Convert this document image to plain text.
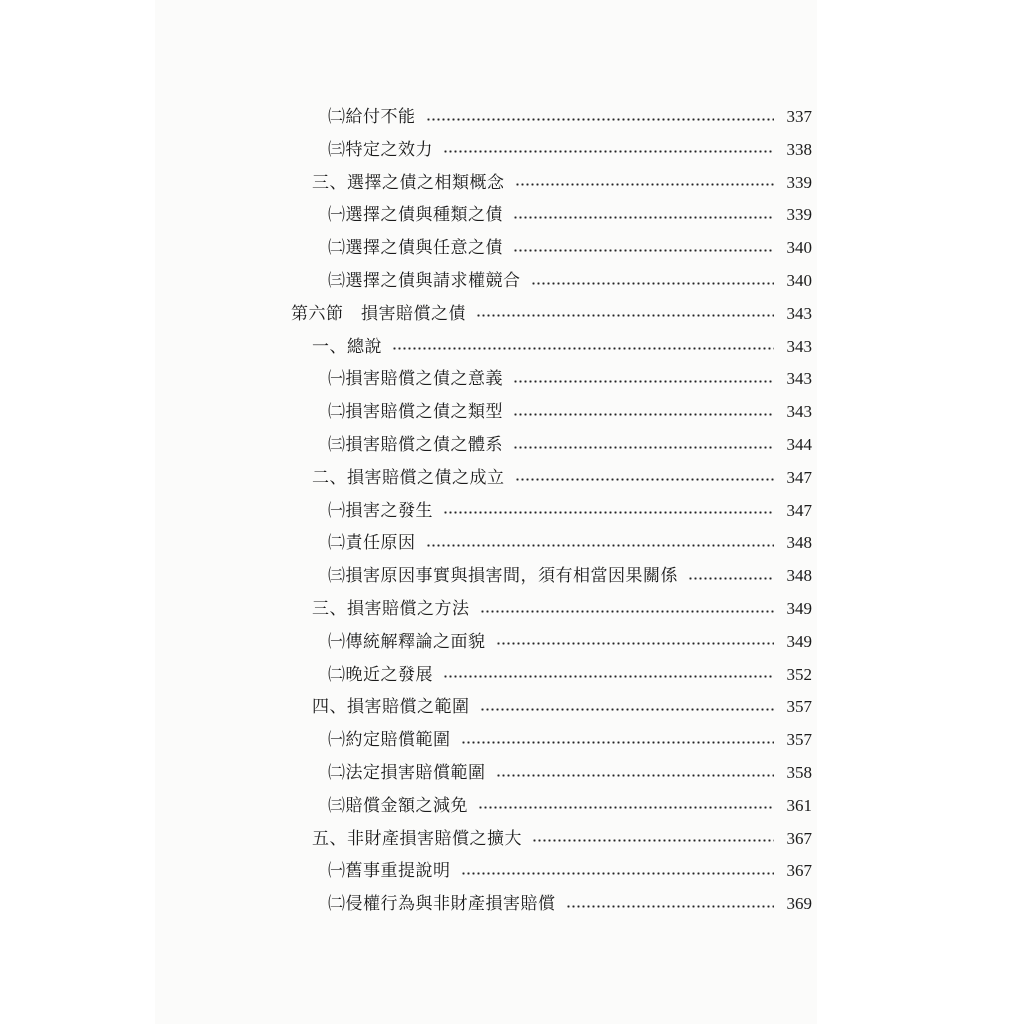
㈡給付不能	337
㈢特定之效力	338
三、選擇之債之相類概念	339
㈠選擇之債與種類之債	339
㈡選擇之債與任意之債	340
㈢選擇之債與請求權競合	340
第六節　損害賠償之債	343
一、總說	343
㈠損害賠償之債之意義	343
㈡損害賠償之債之類型	343
㈢損害賠償之債之體系	344
二、損害賠償之債之成立	347
㈠損害之發生	347
㈡責任原因	348
㈢損害原因事實與損害間，須有相當因果關係	348
三、損害賠償之方法	349
㈠傳統解釋論之面貌	349
㈡晚近之發展	352
四、損害賠償之範圍	357
㈠約定賠償範圍	357
㈡法定損害賠償範圍	358
㈢賠償金額之減免	361
五、非財產損害賠償之擴大	367
㈠舊事重提說明	367
㈡侵權行為與非財產損害賠償	369
